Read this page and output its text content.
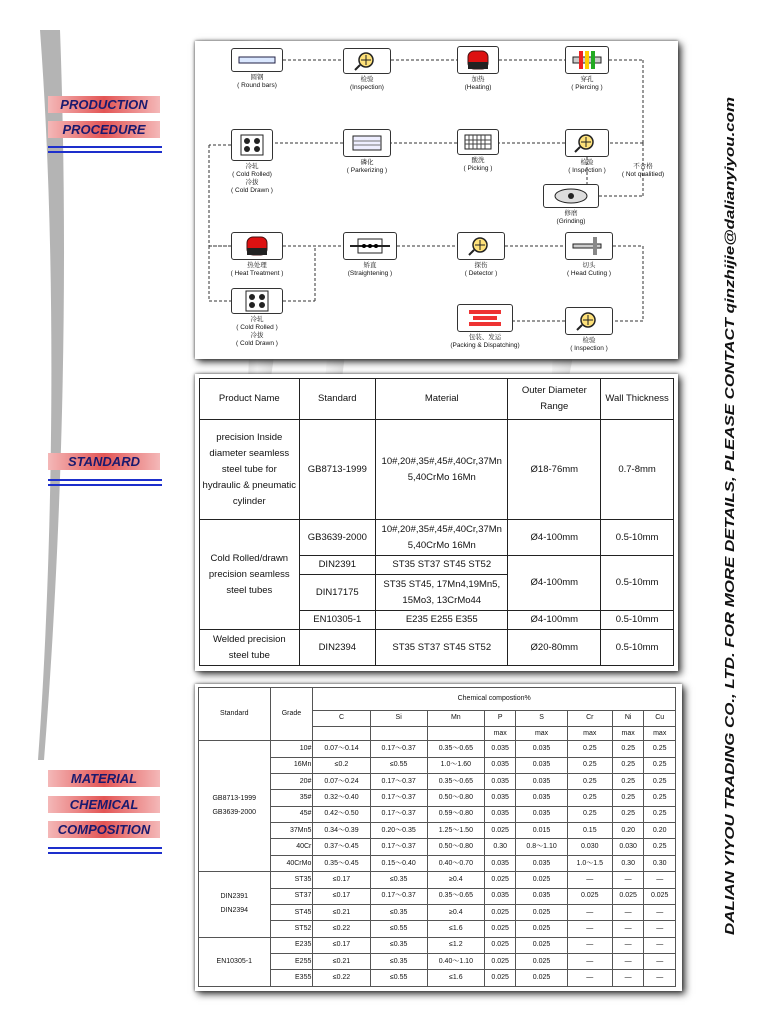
PRODUCTION
PROCEDURE
STANDARD
MATERIAL
CHEMICAL
COMPOSITION
圆钢
( Round bars)
检验
(Inspection)
加热
(Heating)
穿孔
( Piercing )
冷轧
( Cold Rolled)
冷拔
( Cold Drawn )
磷化
( Parkerizing )
酸洗
( Picking )
检验
( Inspection )
修磨
(Grinding)
热处理
( Heat Treatment )
矫直
(Straightening )
探伤
( Detector )
切头
( Head Cuting )
冷轧
( Cold Rolled )
冷拔
( Cold Drawn )
包装、发运
(Packing & Dispatching)
检验
( Inspection )
不合格
( Not qualitied)
Product Name	Standard	Material	Outer Diameter Range	Wall Thickness
precision Inside diameter seamless steel tube for hydraulic & pneumatic cylinder	GB8713-1999	10#,20#,35#,45#,40Cr,37Mn 5,40CrMo 16Mn	Ø18-76mm	0.7-8mm
Cold Rolled/drawn precision seamless steel tubes	GB3639-2000	10#,20#,35#,45#,40Cr,37Mn 5,40CrMo 16Mn	Ø4-100mm	0.5-10mm
	DIN2391	ST35 ST37 ST45 ST52	Ø4-100mm	0.5-10mm
	DIN17175	ST35 ST45, 17Mn4,19Mn5, 15Mo3, 13CrMo44		
	EN10305-1	E235 E255 E355	Ø4-100mm	0.5-10mm
Welded precision steel tube	DIN2394	ST35 ST37 ST45 ST52	Ø20-80mm	0.5-10mm
Standard	Grade	Chemical compostion%							
		C	Si	Mn	P	S	Cr	Ni	Cu
					max	max	max	max	max

GB8713-1999
GB3639-2000	10#	0.07～0.14	0.17～0.37	0.35～0.65	0.035	0.035	0.25	0.25	0.25
	16Mn	≤0.2	≤0.55	1.0～1.60	0.035	0.035	0.25	0.25	0.25
	20#	0.07～0.24	0.17～0.37	0.35～0.65	0.035	0.035	0.25	0.25	0.25
	35#	0.32～0.40	0.17～0.37	0.50～0.80	0.035	0.035	0.25	0.25	0.25
	45#	0.42～0.50	0.17～0.37	0.59～0.80	0.035	0.035	0.25	0.25	0.25
	37Mn5	0.34～0.39	0.20～0.35	1.25～1.50	0.025	0.015	0.15	0.20	0.20
	40Cr	0.37～0.45	0.17～0.37	0.50～0.80	0.30	0.8～1.10	0.030	0.030	0.25
	40CrMo	0.35～0.45	0.15～0.40	0.40～0.70	0.035	0.035	1.0～1.5	0.30	0.30

DIN2391
DIN2394	ST35	≤0.17	≤0.35	≥0.4	0.025	0.025	—	—	—
	ST37	≤0.17	0.17～0.37	0.35～0.65	0.035	0.035	0.025	0.025	0.025
	ST45	≤0.21	≤0.35	≥0.4	0.025	0.025	—	—	—
	ST52	≤0.22	≤0.55	≤1.6	0.025	0.025	—	—	—

EN10305-1	E235	≤0.17	≤0.35	≤1.2	0.025	0.025	—	—	—
	E255	≤0.21	≤0.35	0.40～1.10	0.025	0.025	—	—	—
	E355	≤0.22	≤0.55	≤1.6	0.025	0.025	—	—	—
DALIAN YIYOU TRADING CO., LTD. FOR MORE DETAILS, PLEASE CONTACT qinzhijie@dalianyiyou.com
